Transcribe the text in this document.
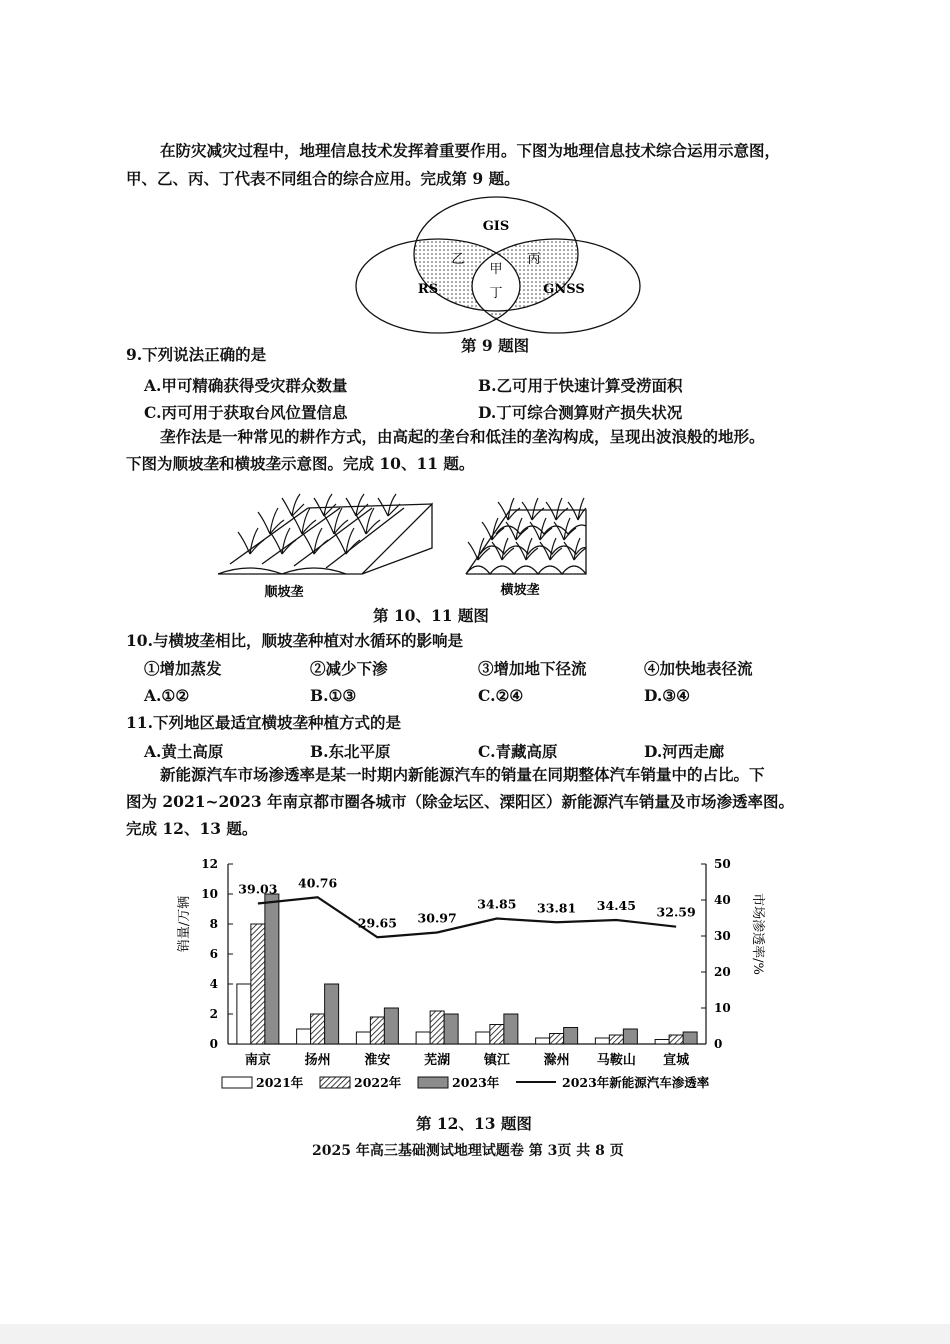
在防灾减灾过程中，地理信息技术发挥着重要作用。下图为地理信息技术综合运用示意图，
甲、乙、丙、丁代表不同组合的综合应用。完成第 9 题。
GIS
RS	GNSS
乙	丙
甲
丁
第 9 题图
9.下列说法正确的是
A.甲可精确获得受灾群众数量	B.乙可用于快速计算受涝面积
C.丙可用于获取台风位置信息	D.丁可综合测算财产损失状况
垄作法是一种常见的耕作方式，由高起的垄台和低洼的垄沟构成，呈现出波浪般的地形。
下图为顺坡垄和横坡垄示意图。完成 10、11 题。
顺坡垄	横坡垄
第 10、11 题图
10.与横坡垄相比，顺坡垄种植对水循环的影响是
①增加蒸发	②减少下渗	③增加地下径流	④加快地表径流
A.①②	B.①③	C.②④	D.③④
11.下列地区最适宜横坡垄种植方式的是
A.黄土高原	B.东北平原	C.青藏高原	D.河西走廊
新能源汽车市场渗透率是某一时期内新能源汽车的销量在同期整体汽车销量中的占比。下
图为 2021~2023 年南京都市圈各城市（除金坛区、溧阳区）新能源汽车销量及市场渗透率图。
完成 12、13 题。
0
2
4
6
8
10
12
0
10
20
30
40
50
销量/万辆	市场渗透率/%
39.03 40.76
29.65 30.97
34.85 33.81 34.45 32.59
南京	扬州	淮安	芜湖	镇江	滁州 马鞍山 宣城
2021年	2022年	2023年	2023年新能源汽车渗透率
第 12、13 题图
2025 年高三基础测试地理试题卷 第 3页 共 8 页
